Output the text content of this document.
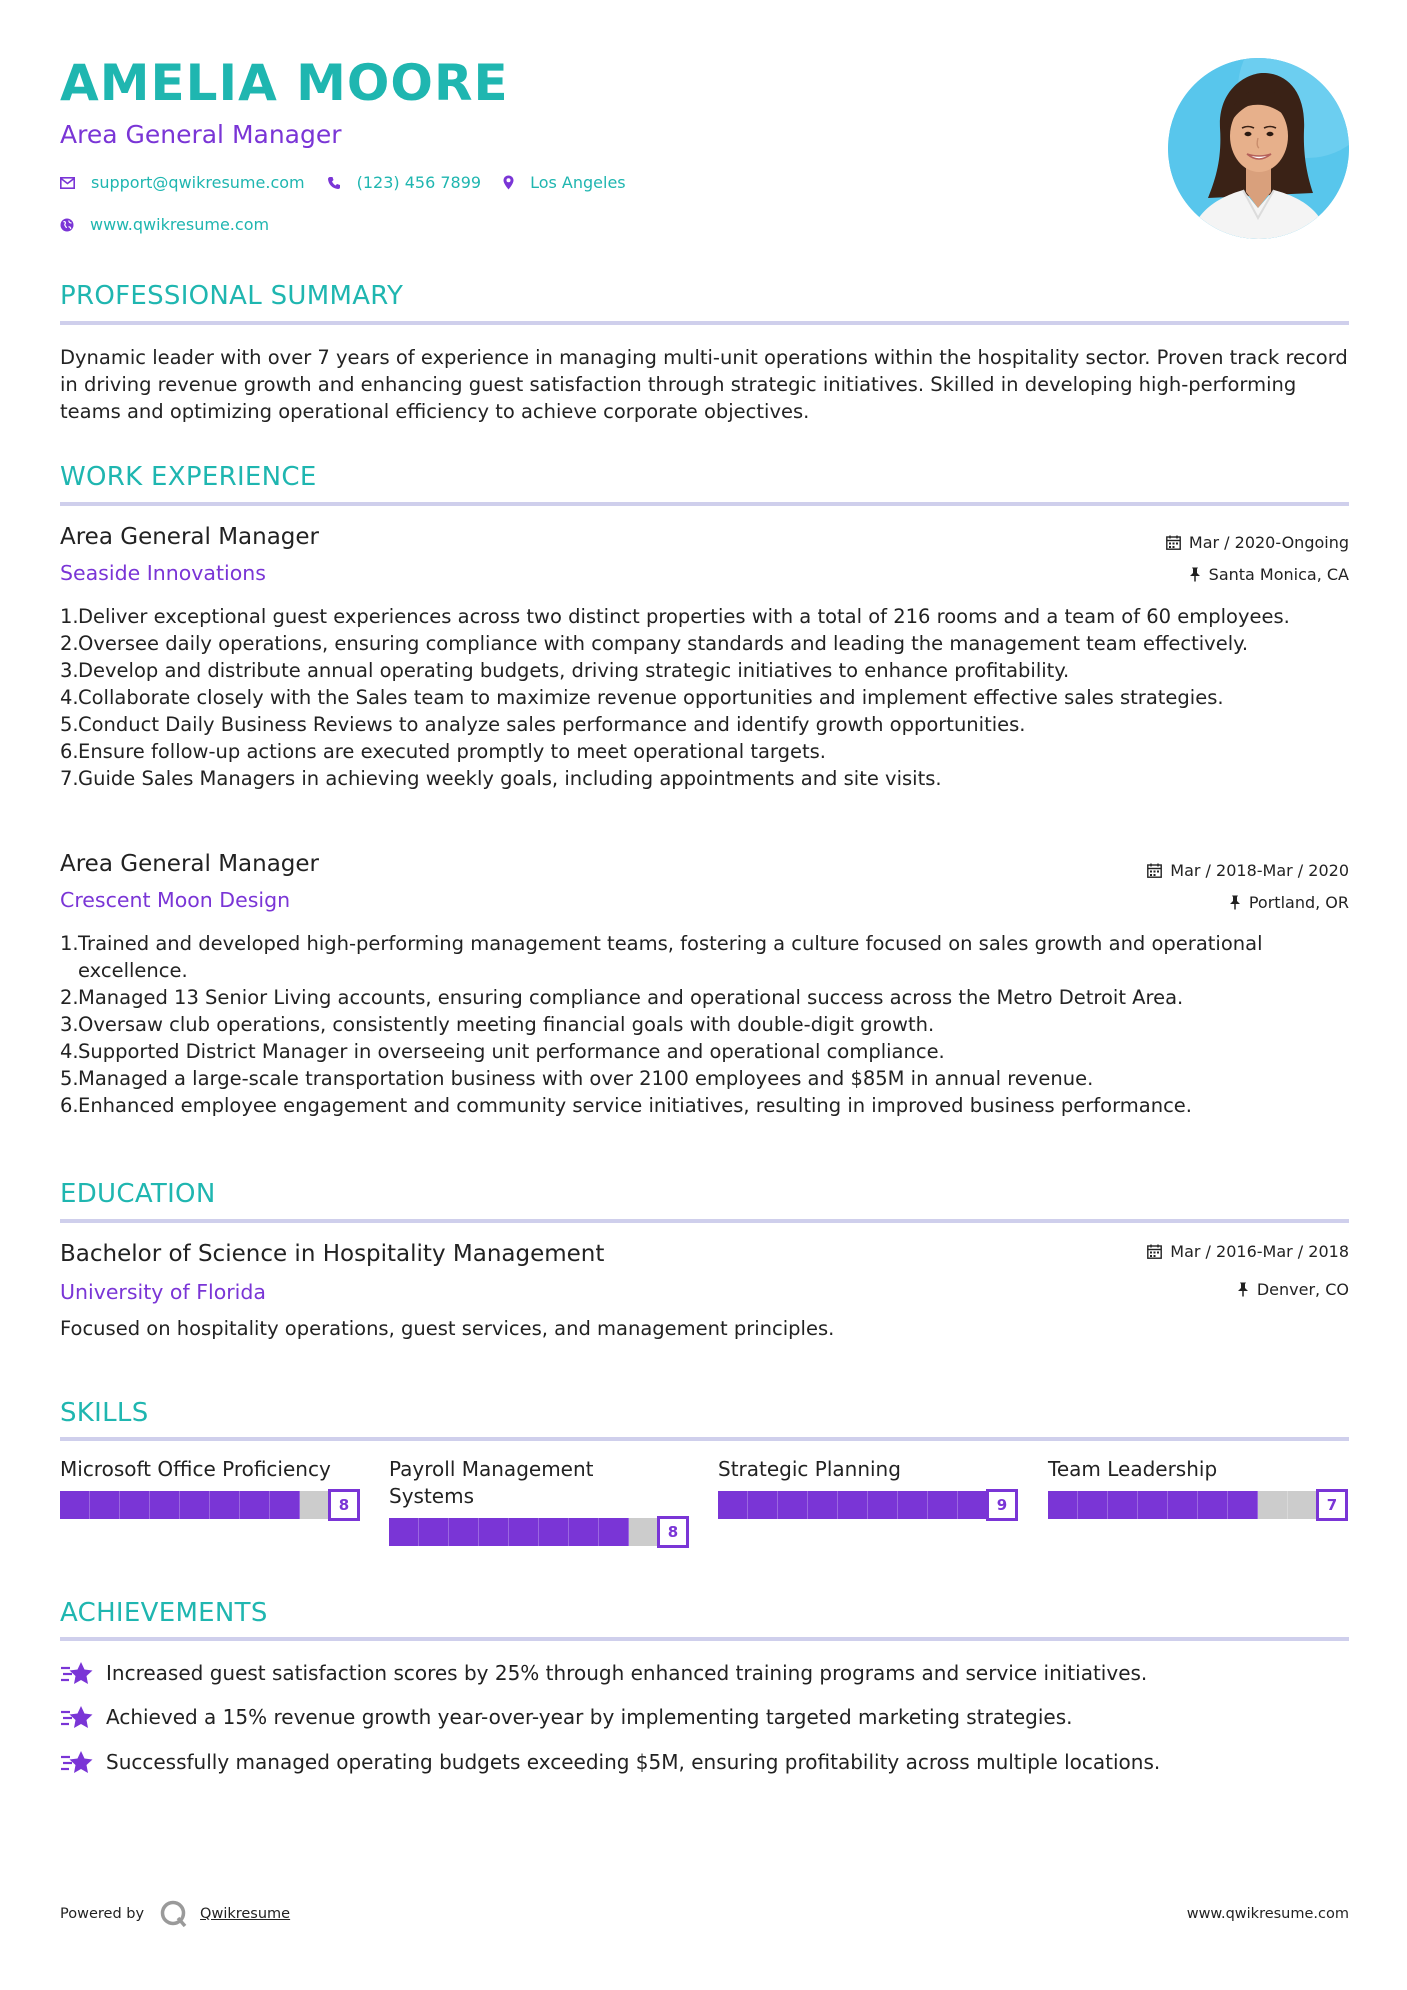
AMELIA MOORE
Area General Manager
support@qwikresume.com	(123) 456 7899	Los Angeles
www.qwikresume.com
PROFESSIONAL SUMMARY
Dynamic leader with over 7 years of experience in managing multi-unit operations within the hospitality sector. Proven track record in driving revenue growth and enhancing guest satisfaction through strategic initiatives. Skilled in developing high-performing teams and optimizing operational efficiency to achieve corporate objectives.
WORK EXPERIENCE
Area General Manager
Seaside Innovations
Mar / 2020-Ongoing
Santa Monica, CA
Deliver exceptional guest experiences across two distinct properties with a total of 216 rooms and a team of 60 employees.
Oversee daily operations, ensuring compliance with company standards and leading the management team effectively.
Develop and distribute annual operating budgets, driving strategic initiatives to enhance profitability.
Collaborate closely with the Sales team to maximize revenue opportunities and implement effective sales strategies.
Conduct Daily Business Reviews to analyze sales performance and identify growth opportunities.
Ensure follow-up actions are executed promptly to meet operational targets.
Guide Sales Managers in achieving weekly goals, including appointments and site visits.
Area General Manager
Crescent Moon Design
Mar / 2018-Mar / 2020
Portland, OR
Trained and developed high-performing management teams, fostering a culture focused on sales growth and operational excellence.
Managed 13 Senior Living accounts, ensuring compliance and operational success across the Metro Detroit Area.
Oversaw club operations, consistently meeting financial goals with double-digit growth.
Supported District Manager in overseeing unit performance and operational compliance.
Managed a large-scale transportation business with over 2100 employees and $85M in annual revenue.
Enhanced employee engagement and community service initiatives, resulting in improved business performance.
EDUCATION
Bachelor of Science in Hospitality Management
University of Florida
Mar / 2016-Mar / 2018
Denver, CO
Focused on hospitality operations, guest services, and management principles.
SKILLS
Microsoft Office Proficiency
8
Payroll Management Systems
8
Strategic Planning
9
Team Leadership
7
ACHIEVEMENTS
Increased guest satisfaction scores by 25% through enhanced training programs and service initiatives.
Achieved a 15% revenue growth year-over-year by implementing targeted marketing strategies.
Successfully managed operating budgets exceeding $5M, ensuring profitability across multiple locations.
Powered by	Qwikresume	www.qwikresume.com
